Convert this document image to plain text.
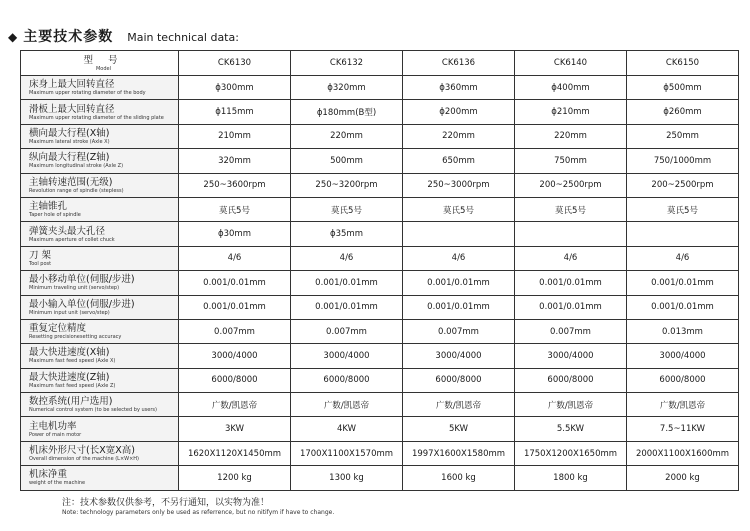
◆ 主要技术参数 Main technical data:
型 号
Model	CK6130	CK6132	CK6136	CK6140	CK6150

床身上最大回转直径
Maximum upper rotating diameter of the body	ϕ300mm	ϕ320mm	ϕ360mm	ϕ400mm	ϕ500mm

滑板上最大回转直径
Maximum upper rotating diameter of the sliding plate	ϕ115mm	ϕ180mm(B型)	ϕ200mm	ϕ210mm	ϕ260mm

横向最大行程(X轴)
Maximum lateral stroke (Axle X)	210mm	220mm	220mm	220mm	250mm

纵向最大行程(Z轴)
Maximum longitudinal stroke (Axle Z)	320mm	500mm	650mm	750mm	750/1000mm

主轴转速范围(无级)
Revolution range of spindle (stepless)	250~3600rpm	250~3200rpm	250~3000rpm	200~2500rpm	200~2500rpm

主轴锥孔
Taper hole of spindle	莫氏5号	莫氏5号	莫氏5号	莫氏5号	莫氏5号

弹簧夹头最大孔径
Maximum aperture of collet chuck	ϕ30mm	ϕ35mm			

刀 架
Tool post	4/6	4/6	4/6	4/6	4/6

最小移动单位(伺服/步进)
Minimum traveling unit (servo/step)	0.001/0.01mm	0.001/0.01mm	0.001/0.01mm	0.001/0.01mm	0.001/0.01mm

最小输入单位(伺服/步进)
Minimum input unit (servo/step)	0.001/0.01mm	0.001/0.01mm	0.001/0.01mm	0.001/0.01mm	0.001/0.01mm

重复定位精度
Resetting precisionesetting accuracy	0.007mm	0.007mm	0.007mm	0.007mm	0.013mm

最大快进速度(X轴)
Maximum fast feed speed (Axle X)	3000/4000	3000/4000	3000/4000	3000/4000	3000/4000

最大快进速度(Z轴)
Maximum fast feed speed (Axle Z)	6000/8000	6000/8000	6000/8000	6000/8000	6000/8000

数控系统(用户选用)
Numerical control system (to be selected by users)	广数/凯恩帝	广数/凯恩帝	广数/凯恩帝	广数/凯恩帝	广数/凯恩帝

主电机功率
Power of main motor	3KW	4KW	5KW	5.5KW	7.5~11KW

机床外形尺寸(长X宽X高)
Overall dimension of the machine (L×W×H)	1620X1120X1450mm	1700X1100X1570mm	1997X1600X1580mm	1750X1200X1650mm	2000X1100X1600mm

机床净重
weight of the machine	1200 kg	1300 kg	1600 kg	1800 kg	2000 kg
注：技术参数仅供参考，不另行通知，以实物为准！
Note: technology parameters only be used as referrence, but no nitifym if have to change.
